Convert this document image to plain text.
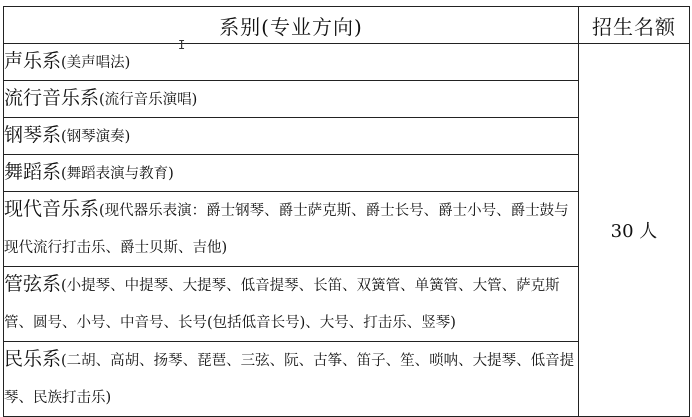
系别(专业方向)	招生名额
声乐系(美声唱法)	30 人
流行音乐系(流行音乐演唱)	
钢琴系(钢琴演奏)	
舞蹈系(舞蹈表演与教育)	
现代音乐系(现代器乐表演：爵士钢琴、爵士萨克斯、爵士长号、爵士小号、爵士鼓与现代流行打击乐、爵士贝斯、吉他)	
管弦系(小提琴、中提琴、大提琴、低音提琴、长笛、双簧管、单簧管、大管、萨克斯管、圆号、小号、中音号、长号(包括低音长号)、大号、打击乐、竖琴)	
民乐系(二胡、高胡、扬琴、琵琶、三弦、阮、古筝、笛子、笙、唢呐、大提琴、低音提琴、民族打击乐)	
I
